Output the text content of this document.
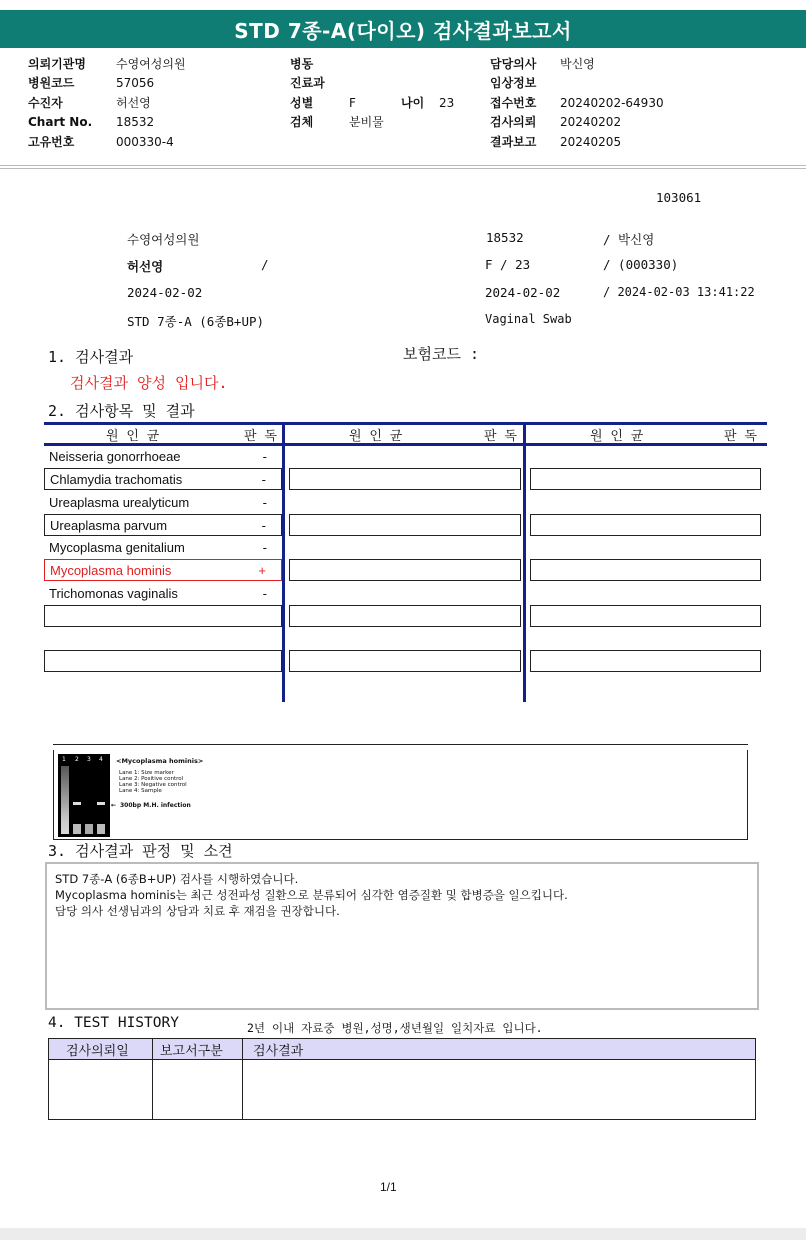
STD 7종-A(다이오) 검사결과보고서
의뢰기관명	수영여성의원
병원코드	57056
수진자	허선영
Chart No. 18532
고유번호	000330-4
병동
진료과
성별	F	나이 23
검체	분비물
담당의사 박신영
임상정보
접수번호 20240202-64930
검사의뢰 20240202
결과보고 20240205
103061
수영여성의원	18532	/ 박신영
허선영	/	F / 23	/ (000330)
2024-02-02	2024-02-02	/ 2024-02-03 13:41:22
STD 7종-A (6종B+UP)	Vaginal Swab
1. 검사결과	보험코드 :
검사결과 양성 입니다.
2. 검사항목 및 결과
원 인 균	판 독	원 인 균	판 독	원 인 균	판 독
Neisseria gonorrhoeae	-
Chlamydia trachomatis	-
Ureaplasma urealyticum	-
Ureaplasma parvum	-
Mycoplasma genitalium	-
Mycoplasma hominis	+
Trichomonas vaginalis	-
1 2 3 4 <Mycoplasma hominis>
Lane 1: Size marker
Lane 2: Positive control
Lane 3: Negative control
Lane 4: Sample
← 300bp M.H. infection
3. 검사결과 판정 및 소견
STD 7종-A (6종B+UP) 검사를 시행하였습니다.
Mycoplasma hominis는 최근 성전파성 질환으로 분류되어 심각한 염증질환 및 합병증을 일으킵니다.
담당 의사 선생님과의 상담과 치료 후 재검을 권장합니다.
4. TEST HISTORY	2년 이내 자료중 병원,성명,생년월일 일치자료 입니다.
검사의뢰일 보고서구분 검사결과
1/1
